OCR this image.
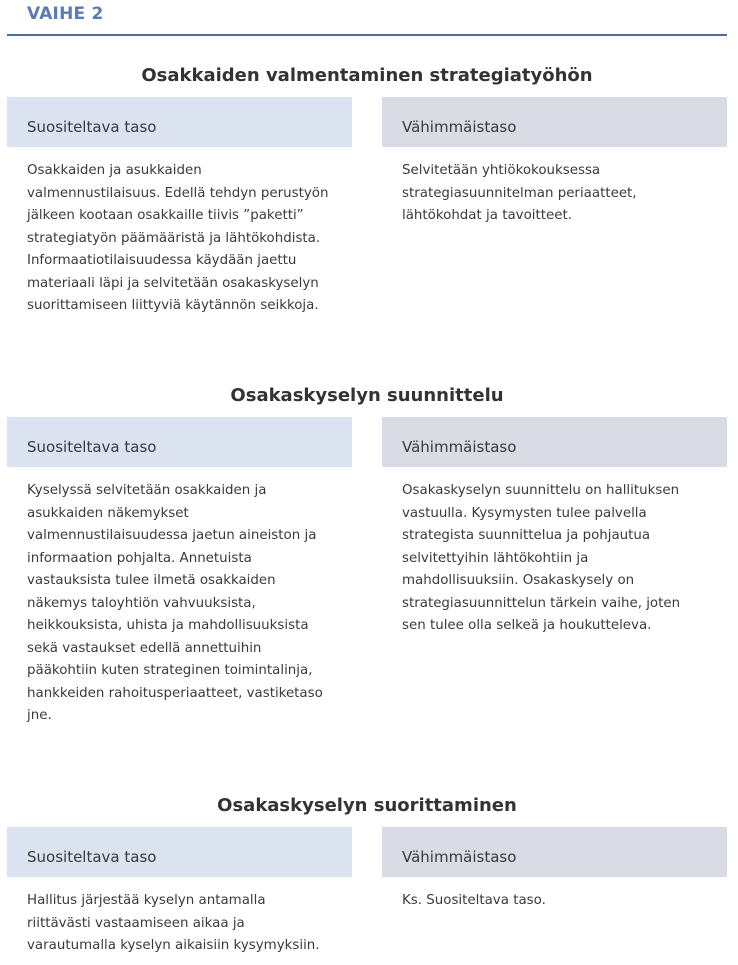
VAIHE 2
Osakkaiden valmentaminen strategiatyöhön
Suositeltava taso
Osakkaiden ja asukkaiden
valmennustilaisuus. Edellä tehdyn perustyön
jälkeen kootaan osakkaille tiivis ”paketti”
strategiatyön päämääristä ja lähtökohdista.
Informaatiotilaisuudessa käydään jaettu
materiaali läpi ja selvitetään osakaskyselyn
suorittamiseen liittyviä käytännön seikkoja.
Vähimmäistaso
Selvitetään yhtiökokouksessa
strategiasuunnitelman periaatteet,
lähtökohdat ja tavoitteet.
Osakaskyselyn suunnittelu
Suositeltava taso
Kyselyssä selvitetään osakkaiden ja
asukkaiden näkemykset
valmennustilaisuudessa jaetun aineiston ja
informaation pohjalta. Annetuista
vastauksista tulee ilmetä osakkaiden
näkemys taloyhtiön vahvuuksista,
heikkouksista, uhista ja mahdollisuuksista
sekä vastaukset edellä annettuihin
pääkohtiin kuten strateginen toimintalinja,
hankkeiden rahoitusperiaatteet, vastiketaso
jne.
Vähimmäistaso
Osakaskyselyn suunnittelu on hallituksen
vastuulla. Kysymysten tulee palvella
strategista suunnittelua ja pohjautua
selvitettyihin lähtökohtiin ja
mahdollisuuksiin. Osakaskysely on
strategiasuunnittelun tärkein vaihe, joten
sen tulee olla selkeä ja houkutteleva.
Osakaskyselyn suorittaminen
Suositeltava taso
Hallitus järjestää kyselyn antamalla
riittävästi vastaamiseen aikaa ja
varautumalla kyselyn aikaisiin kysymyksiin.
Vähimmäistaso
Ks. Suositeltava taso.
